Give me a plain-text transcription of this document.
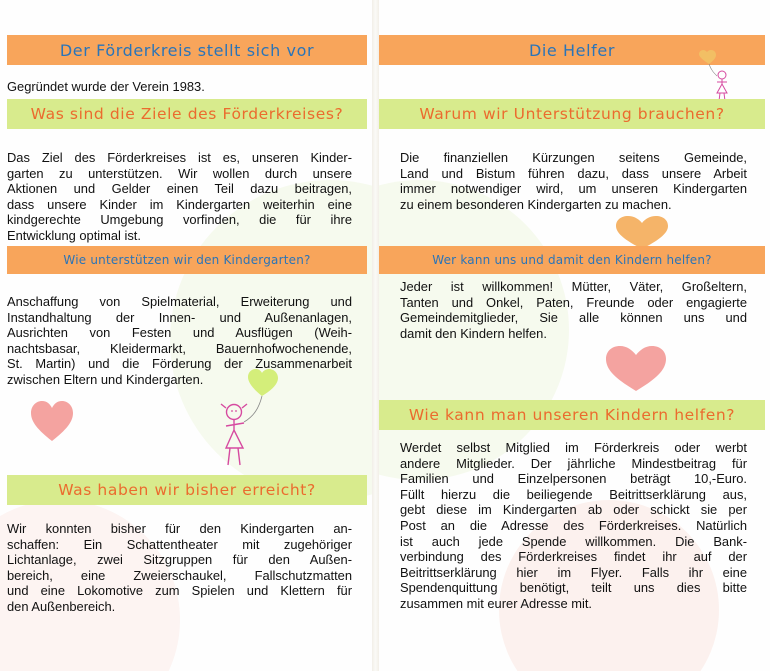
Der Förderkreis stellt sich vor
Gegründet wurde der Verein 1983.
Was sind die Ziele des Förderkreises?
Das Ziel des Förderkreises ist es, unseren Kinder-
garten zu unterstützen. Wir wollen durch unsere
Aktionen und Gelder einen Teil dazu beitragen,
dass unsere Kinder im Kindergarten weiterhin eine
kindgerechte Umgebung vorfinden, die für ihre
Entwicklung optimal ist.
Wie unterstützen wir den Kindergarten?
Anschaffung von Spielmaterial, Erweiterung und
Instandhaltung der Innen- und Außenanlagen,
Ausrichten von Festen und Ausflügen (Weih-
nachtsbasar, Kleidermarkt, Bauernhofwochenende,
St. Martin) und die Förderung der Zusammenarbeit
zwischen Eltern und Kindergarten.
Was haben wir bisher erreicht?
Wir konnten bisher für den Kindergarten an-
schaffen: Ein Schattentheater mit zugehöriger
Lichtanlage, zwei Sitzgruppen für den Außen-
bereich, eine Zweierschaukel, Fallschutzmatten
und eine Lokomotive zum Spielen und Klettern für
den Außenbereich.
Die Helfer
Warum wir Unterstützung brauchen?
Die finanziellen Kürzungen seitens Gemeinde,
Land und Bistum führen dazu, dass unsere Arbeit
immer notwendiger wird, um unseren Kindergarten
zu einem besonderen Kindergarten zu machen.
Wer kann uns und damit den Kindern helfen?
Jeder ist willkommen! Mütter, Väter, Großeltern,
Tanten und Onkel, Paten, Freunde oder engagierte
Gemeindemitglieder, Sie alle können uns und
damit den Kindern helfen.
Wie kann man unseren Kindern helfen?
Werdet selbst Mitglied im Förderkreis oder werbt
andere Mitglieder. Der jährliche Mindestbeitrag für
Familien und Einzelpersonen beträgt 10,-Euro.
Füllt hierzu die beiliegende Beitrittserklärung aus,
gebt diese im Kindergarten ab oder schickt sie per
Post an die Adresse des Förderkreises. Natürlich
ist auch jede Spende willkommen. Die Bank-
verbindung des Förderkreises findet ihr auf der
Beitrittserklärung hier im Flyer. Falls ihr eine
Spendenquittung benötigt, teilt uns dies bitte
zusammen mit eurer Adresse mit.
